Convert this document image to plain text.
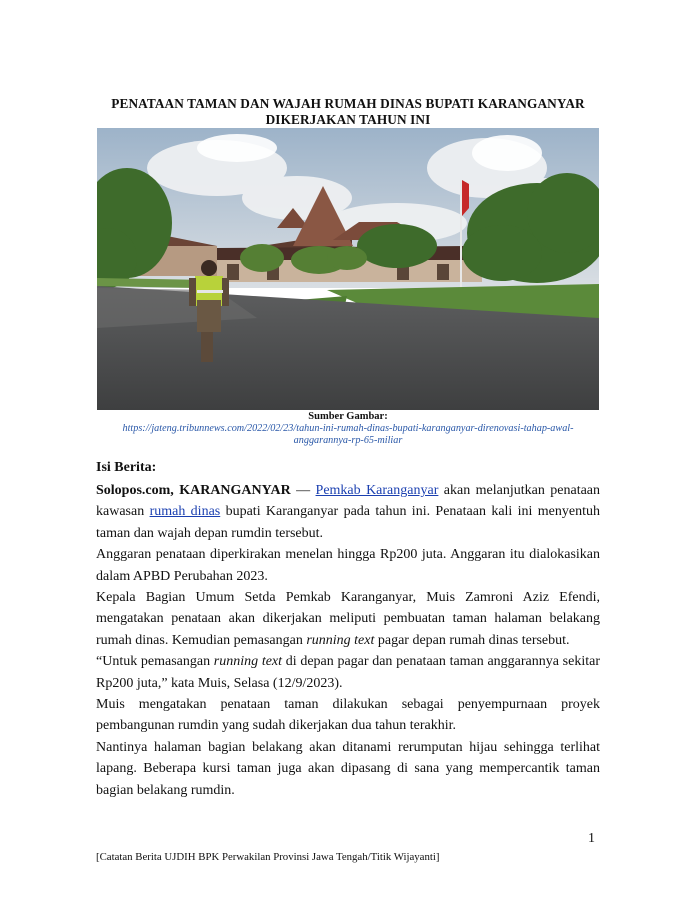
PENATAAN TAMAN DAN WAJAH RUMAH DINAS BUPATI KARANGANYAR DIKERJAKAN TAHUN INI
Sumber Gambar:
https://jateng.tribunnews.com/2022/02/23/tahun-ini-rumah-dinas-bupati-karanganyar-direnovasi-tahap-awal-anggarannya-rp-65-miliar
Isi Berita:

Solopos.com, KARANGANYAR — Pemkab Karanganyar akan melanjutkan penataan kawasan rumah dinas bupati Karanganyar pada tahun ini. Penataan kali ini menyentuh taman dan wajah depan rumdin tersebut.

Anggaran penataan diperkirakan menelan hingga Rp200 juta. Anggaran itu dialokasikan dalam APBD Perubahan 2023.

Kepala Bagian Umum Setda Pemkab Karanganyar, Muis Zamroni Aziz Efendi, mengatakan penataan akan dikerjakan meliputi pembuatan taman halaman belakang rumah dinas. Kemudian pemasangan running text pagar depan rumah dinas tersebut.

“Untuk pemasangan running text di depan pagar dan penataan taman anggarannya sekitar Rp200 juta,” kata Muis, Selasa (12/9/2023).

Muis mengatakan penataan taman dilakukan sebagai penyempurnaan proyek pembangunan rumdin yang sudah dikerjakan dua tahun terakhir.

Nantinya halaman bagian belakang akan ditanami rerumputan hijau sehingga terlihat lapang. Beberapa kursi taman juga akan dipasang di sana yang mempercantik taman bagian belakang rumdin.

1
[Catatan Berita UJDIH BPK Perwakilan Provinsi Jawa Tengah/Titik Wijayanti]
